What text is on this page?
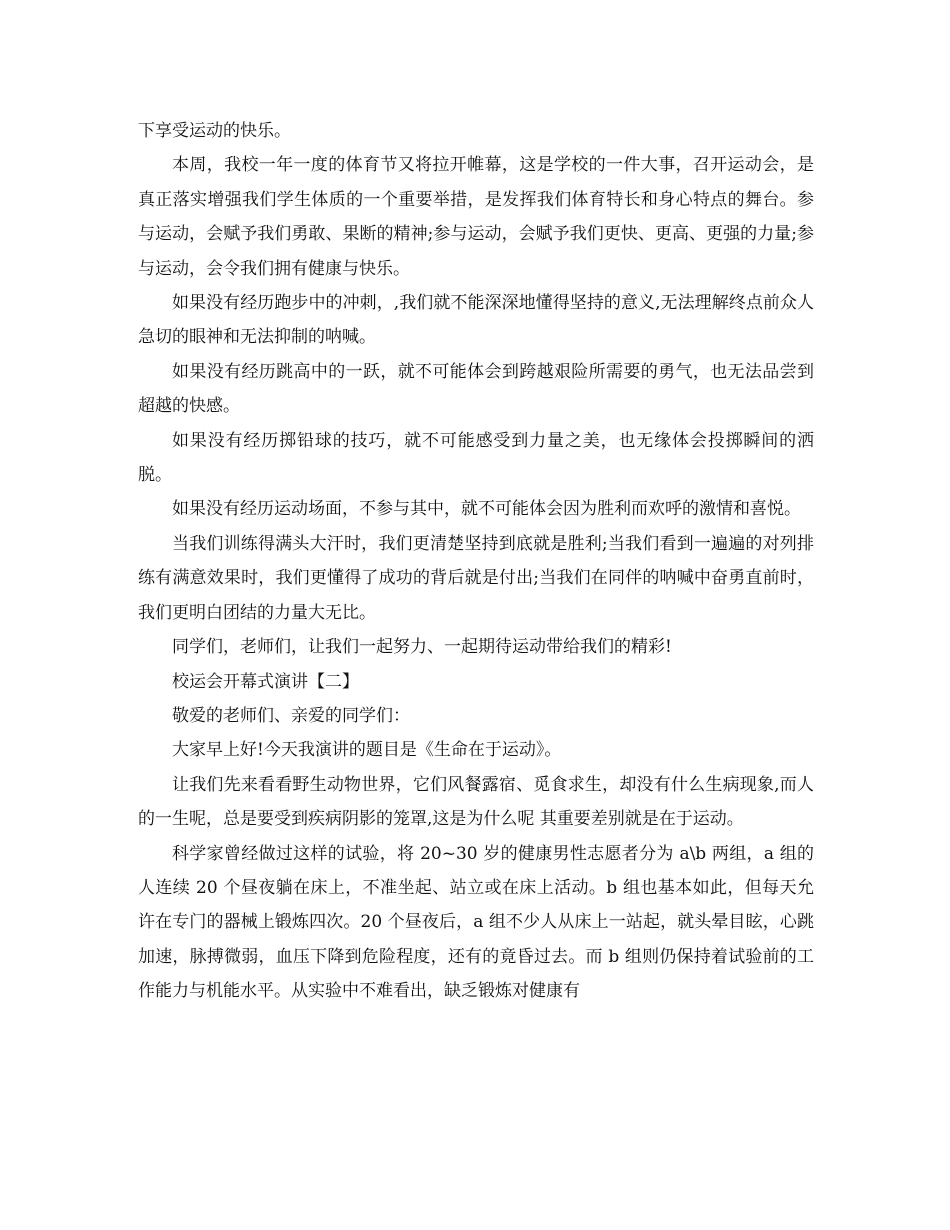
下享受运动的快乐。

本周，我校一年一度的体育节又将拉开帷幕，这是学校的一件大事，召开运动会，是真正落实增强我们学生体质的一个重要举措，是发挥我们体育特长和身心特点的舞台。参与运动，会赋予我们勇敢、果断的精神;参与运动，会赋予我们更快、更高、更强的力量;参与运动，会令我们拥有健康与快乐。

如果没有经历跑步中的冲刺，,我们就不能深深地懂得坚持的意义,无法理解终点前众人急切的眼神和无法抑制的呐喊。

如果没有经历跳高中的一跃，就不可能体会到跨越艰险所需要的勇气，也无法品尝到超越的快感。

如果没有经历掷铅球的技巧，就不可能感受到力量之美，也无缘体会投掷瞬间的洒脱。

如果没有经历运动场面，不参与其中，就不可能体会因为胜利而欢呼的激情和喜悦。

当我们训练得满头大汗时，我们更清楚坚持到底就是胜利;当我们看到一遍遍的对列排练有满意效果时，我们更懂得了成功的背后就是付出;当我们在同伴的呐喊中奋勇直前时，我们更明白团结的力量大无比。

同学们，老师们，让我们一起努力、一起期待运动带给我们的精彩!

校运会开幕式演讲【二】

敬爱的老师们、亲爱的同学们：

大家早上好!今天我演讲的题目是《生命在于运动》。

让我们先来看看野生动物世界，它们风餐露宿、觅食求生，却没有什么生病现象,而人的一生呢，总是要受到疾病阴影的笼罩,这是为什么呢 其重要差别就是在于运动。

科学家曾经做过这样的试验，将 20~30 岁的健康男性志愿者分为 a\b 两组，a 组的人连续 20 个昼夜躺在床上，不准坐起、站立或在床上活动。b 组也基本如此，但每天允许在专门的器械上锻炼四次。20 个昼夜后，a 组不少人从床上一站起，就头晕目眩，心跳加速，脉搏微弱，血压下降到危险程度，还有的竟昏过去。而 b 组则仍保持着试验前的工作能力与机能水平。从实验中不难看出，缺乏锻炼对健康有
